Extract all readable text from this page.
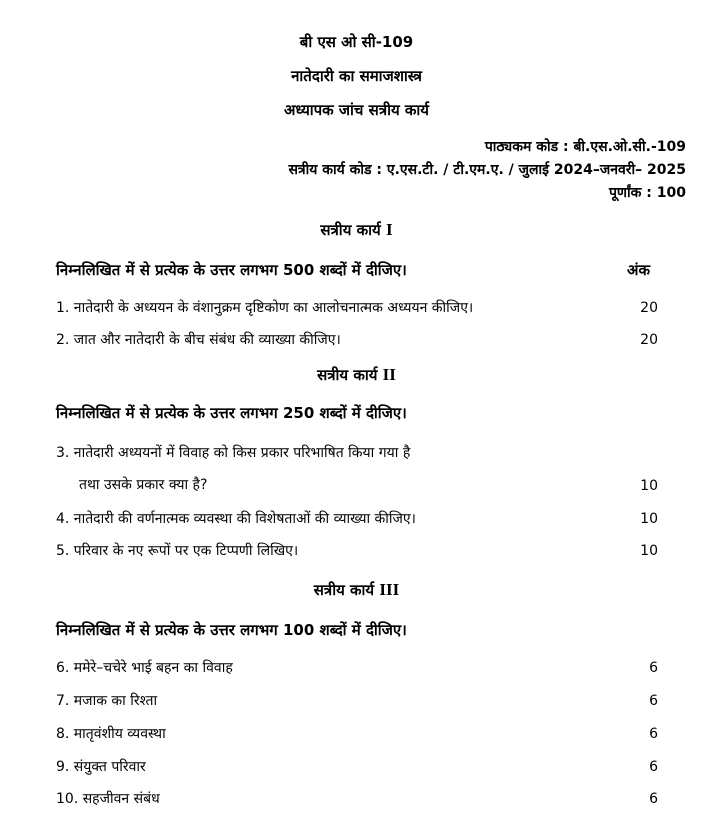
बी एस ओ सी-109
नातेदारी का समाजशास्त्र
अध्यापक जांच सत्रीय कार्य
पाठ्यकम कोड : बी.एस.ओ.सी.-109
सत्रीय कार्य कोड : ए.एस.टी. / टी.एम.ए. / जुलाई 2024–जनवरी– 2025
पूर्णांक : 100
सत्रीय कार्य I
निम्नलिखित में से प्रत्येक के उत्तर लगभग 500 शब्दों में दीजिए।	अंक
1. नातेदारी के अध्ययन के वंशानुक्रम दृष्टिकोण का आलोचनात्मक अध्ययन कीजिए।	20
2. जात और नातेदारी के बीच संबंध की व्याख्या कीजिए।	20
सत्रीय कार्य II
निम्नलिखित में से प्रत्येक के उत्तर लगभग 250 शब्दों में दीजिए।
3. नातेदारी अध्ययनों में विवाह को किस प्रकार परिभाषित किया गया है
तथा उसके प्रकार क्या है?	10
4. नातेदारी की वर्णनात्मक व्यवस्था की विशेषताओं की व्याख्या कीजिए।	10
5. परिवार के नए रूपों पर एक टिप्पणी लिखिए।	10
सत्रीय कार्य III
निम्नलिखित में से प्रत्येक के उत्तर लगभग 100 शब्दों में दीजिए।
6. ममेरे–चचेरे भाई बहन का विवाह	6
7. मजाक का रिश्ता	6
8. मातृवंशीय व्यवस्था	6
9. संयुक्त परिवार	6
10. सहजीवन संबंध	6
